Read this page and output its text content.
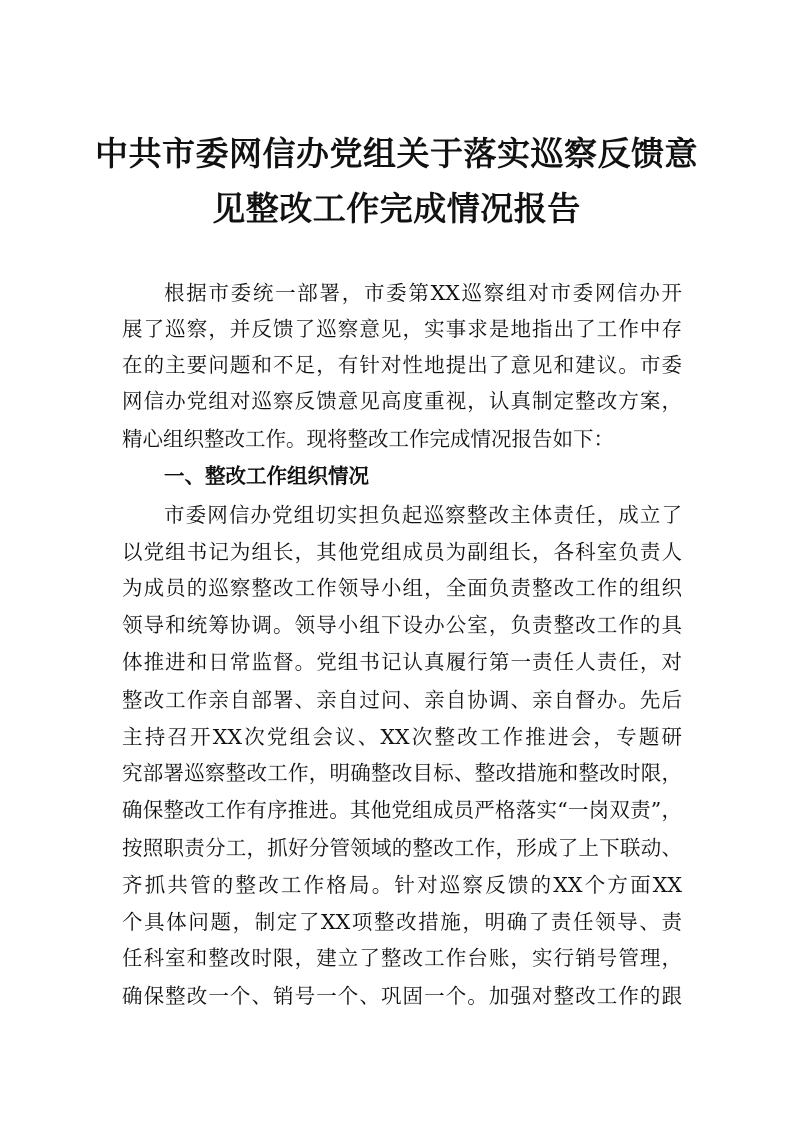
中共市委网信办党组关于落实巡察反馈意
见整改工作完成情况报告
根据市委统一部署，市委第XX巡察组对市委网信办开
展了巡察，并反馈了巡察意见，实事求是地指出了工作中存
在的主要问题和不足，有针对性地提出了意见和建议。市委
网信办党组对巡察反馈意见高度重视，认真制定整改方案，
精心组织整改工作。现将整改工作完成情况报告如下：
一、整改工作组织情况
市委网信办党组切实担负起巡察整改主体责任，成立了
以党组书记为组长，其他党组成员为副组长，各科室负责人
为成员的巡察整改工作领导小组，全面负责整改工作的组织
领导和统筹协调。领导小组下设办公室，负责整改工作的具
体推进和日常监督。党组书记认真履行第一责任人责任，对
整改工作亲自部署、亲自过问、亲自协调、亲自督办。先后
主持召开XX次党组会议、XX次整改工作推进会，专题研
究部署巡察整改工作，明确整改目标、整改措施和整改时限，
确保整改工作有序推进。其他党组成员严格落实“一岗双责”，
按照职责分工，抓好分管领域的整改工作，形成了上下联动、
齐抓共管的整改工作格局。针对巡察反馈的XX个方面XX
个具体问题，制定了XX项整改措施，明确了责任领导、责
任科室和整改时限，建立了整改工作台账，实行销号管理，
确保整改一个、销号一个、巩固一个。加强对整改工作的跟
